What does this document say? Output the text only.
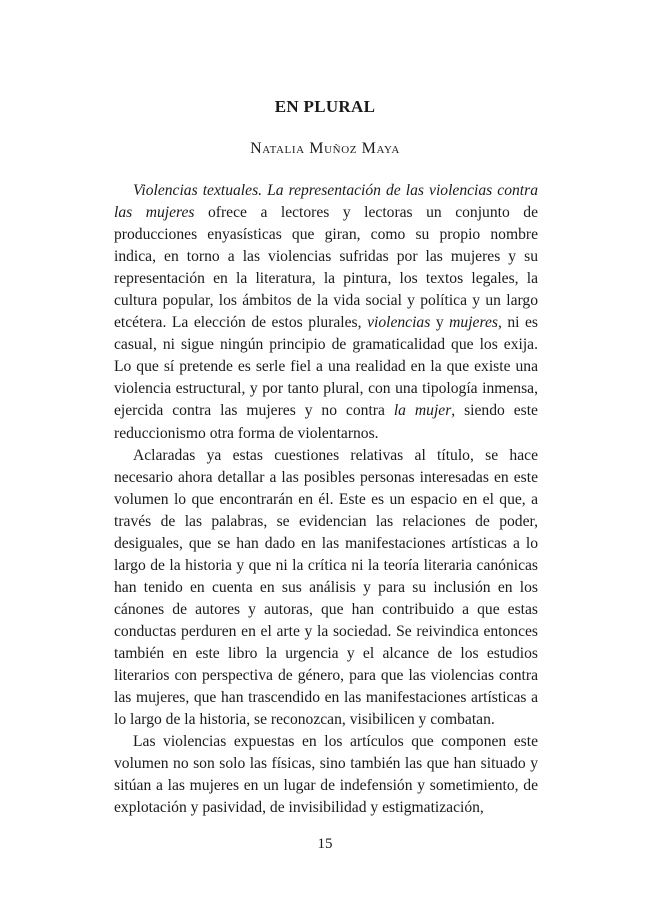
EN PLURAL
Natalia Muñoz Maya

Violencias textuales. La representación de las violencias contra las mujeres ofrece a lectores y lectoras un conjunto de producciones enyasísticas que giran, como su propio nombre indica, en torno a las violencias sufridas por las mujeres y su representación en la literatura, la pintura, los textos legales, la cultura popular, los ámbitos de la vida social y política y un largo etcétera. La elección de estos plurales, violencias y mujeres, ni es casual, ni sigue ningún principio de gramaticalidad que los exija. Lo que sí pretende es serle fiel a una realidad en la que existe una violencia estructural, y por tanto plural, con una tipología inmensa, ejercida contra las mujeres y no contra la mujer, siendo este reduccionismo otra forma de violentarnos.

Aclaradas ya estas cuestiones relativas al título, se hace necesario ahora detallar a las posibles personas interesadas en este volumen lo que encontrarán en él. Este es un espacio en el que, a través de las palabras, se evidencian las relaciones de poder, desiguales, que se han dado en las manifestaciones artísticas a lo largo de la historia y que ni la crítica ni la teoría literaria canónicas han tenido en cuenta en sus análisis y para su inclusión en los cánones de autores y autoras, que han contribuido a que estas conductas perduren en el arte y la sociedad. Se reivindica entonces también en este libro la urgencia y el alcance de los estudios literarios con perspectiva de género, para que las violencias contra las mujeres, que han trascendido en las manifestaciones artísticas a lo largo de la historia, se reconozcan, visibilicen y combatan.

Las violencias expuestas en los artículos que componen este volumen no son solo las físicas, sino también las que han situado y sitúan a las mujeres en un lugar de indefensión y sometimiento, de explotación y pasividad, de invisibilidad y estigmatización,

15
